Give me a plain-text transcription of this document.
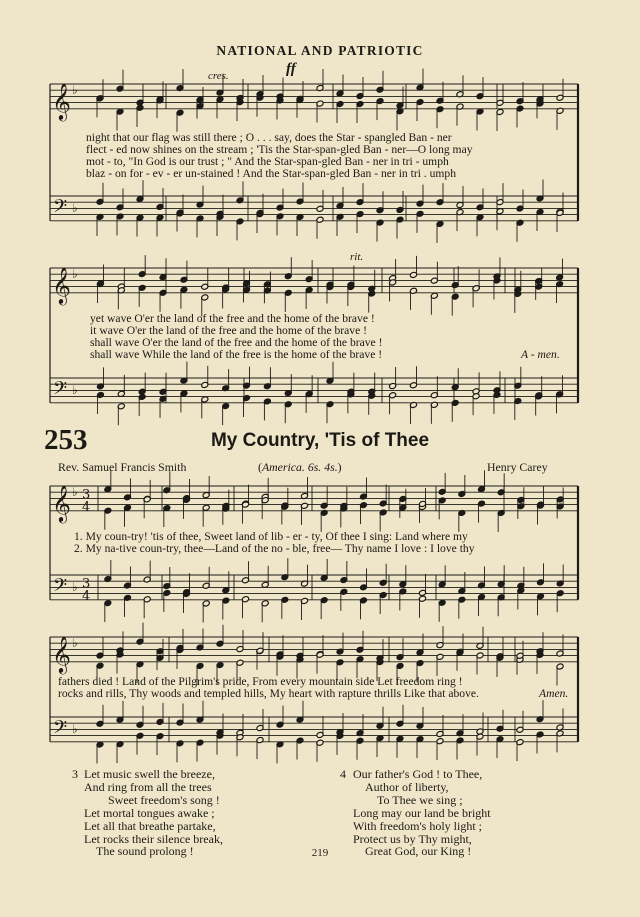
NATIONAL AND PATRIOTIC
𝄞
𝄢
♭
♭
𝄞
𝄢
♭
♭
𝄞
𝄢
♭
♭
3
4
3
4
𝄞
𝄢
♭
♭
cres.	ff
rit.
night that our flag was still there ; O . . . say, does the Star - spangled Ban - ner
flect - ed now shines on the stream ; 'Tis the Star-span-gled Ban - ner—O long may
mot - to, "In God is our trust ; " And the Star-span-gled Ban - ner in tri - umph
blaz - on for - ev - er un-stained ! And the Star-span-gled Ban - ner in tri . umph
yet wave O'er the land of the free and the home of the brave !
it wave O'er the land of the free and the home of the brave !
shall wave O'er the land of the free and the home of the brave !
shall wave While the land of the free is the home of the brave !	A - men.
253	My Country, 'Tis of Thee
Rev. Samuel Francis Smith	(America. 6s. 4s.)	Henry Carey
1. My coun-try! 'tis of thee, Sweet land of lib - er - ty, Of thee I sing: Land where my
2. My na-tive coun-try, thee—Land of the no - ble, free— Thy name I love : I love thy
fathers died ! Land of the Pilgrim's pride, From every mountain side Let freedom ring !
rocks and rills, Thy woods and templed hills, My heart with rapture thrills Like that above.	Amen.
3 Let music swell the breeze,
And ring from all the trees
Sweet freedom's song !
Let mortal tongues awake ;
Let all that breathe partake,
Let rocks their silence break,
The sound prolong !
4 Our father's God ! to Thee,
Author of liberty,
To Thee we sing ;
Long may our land be bright
With freedom's holy light ;
Protect us by Thy might,
Great God, our King !
219
